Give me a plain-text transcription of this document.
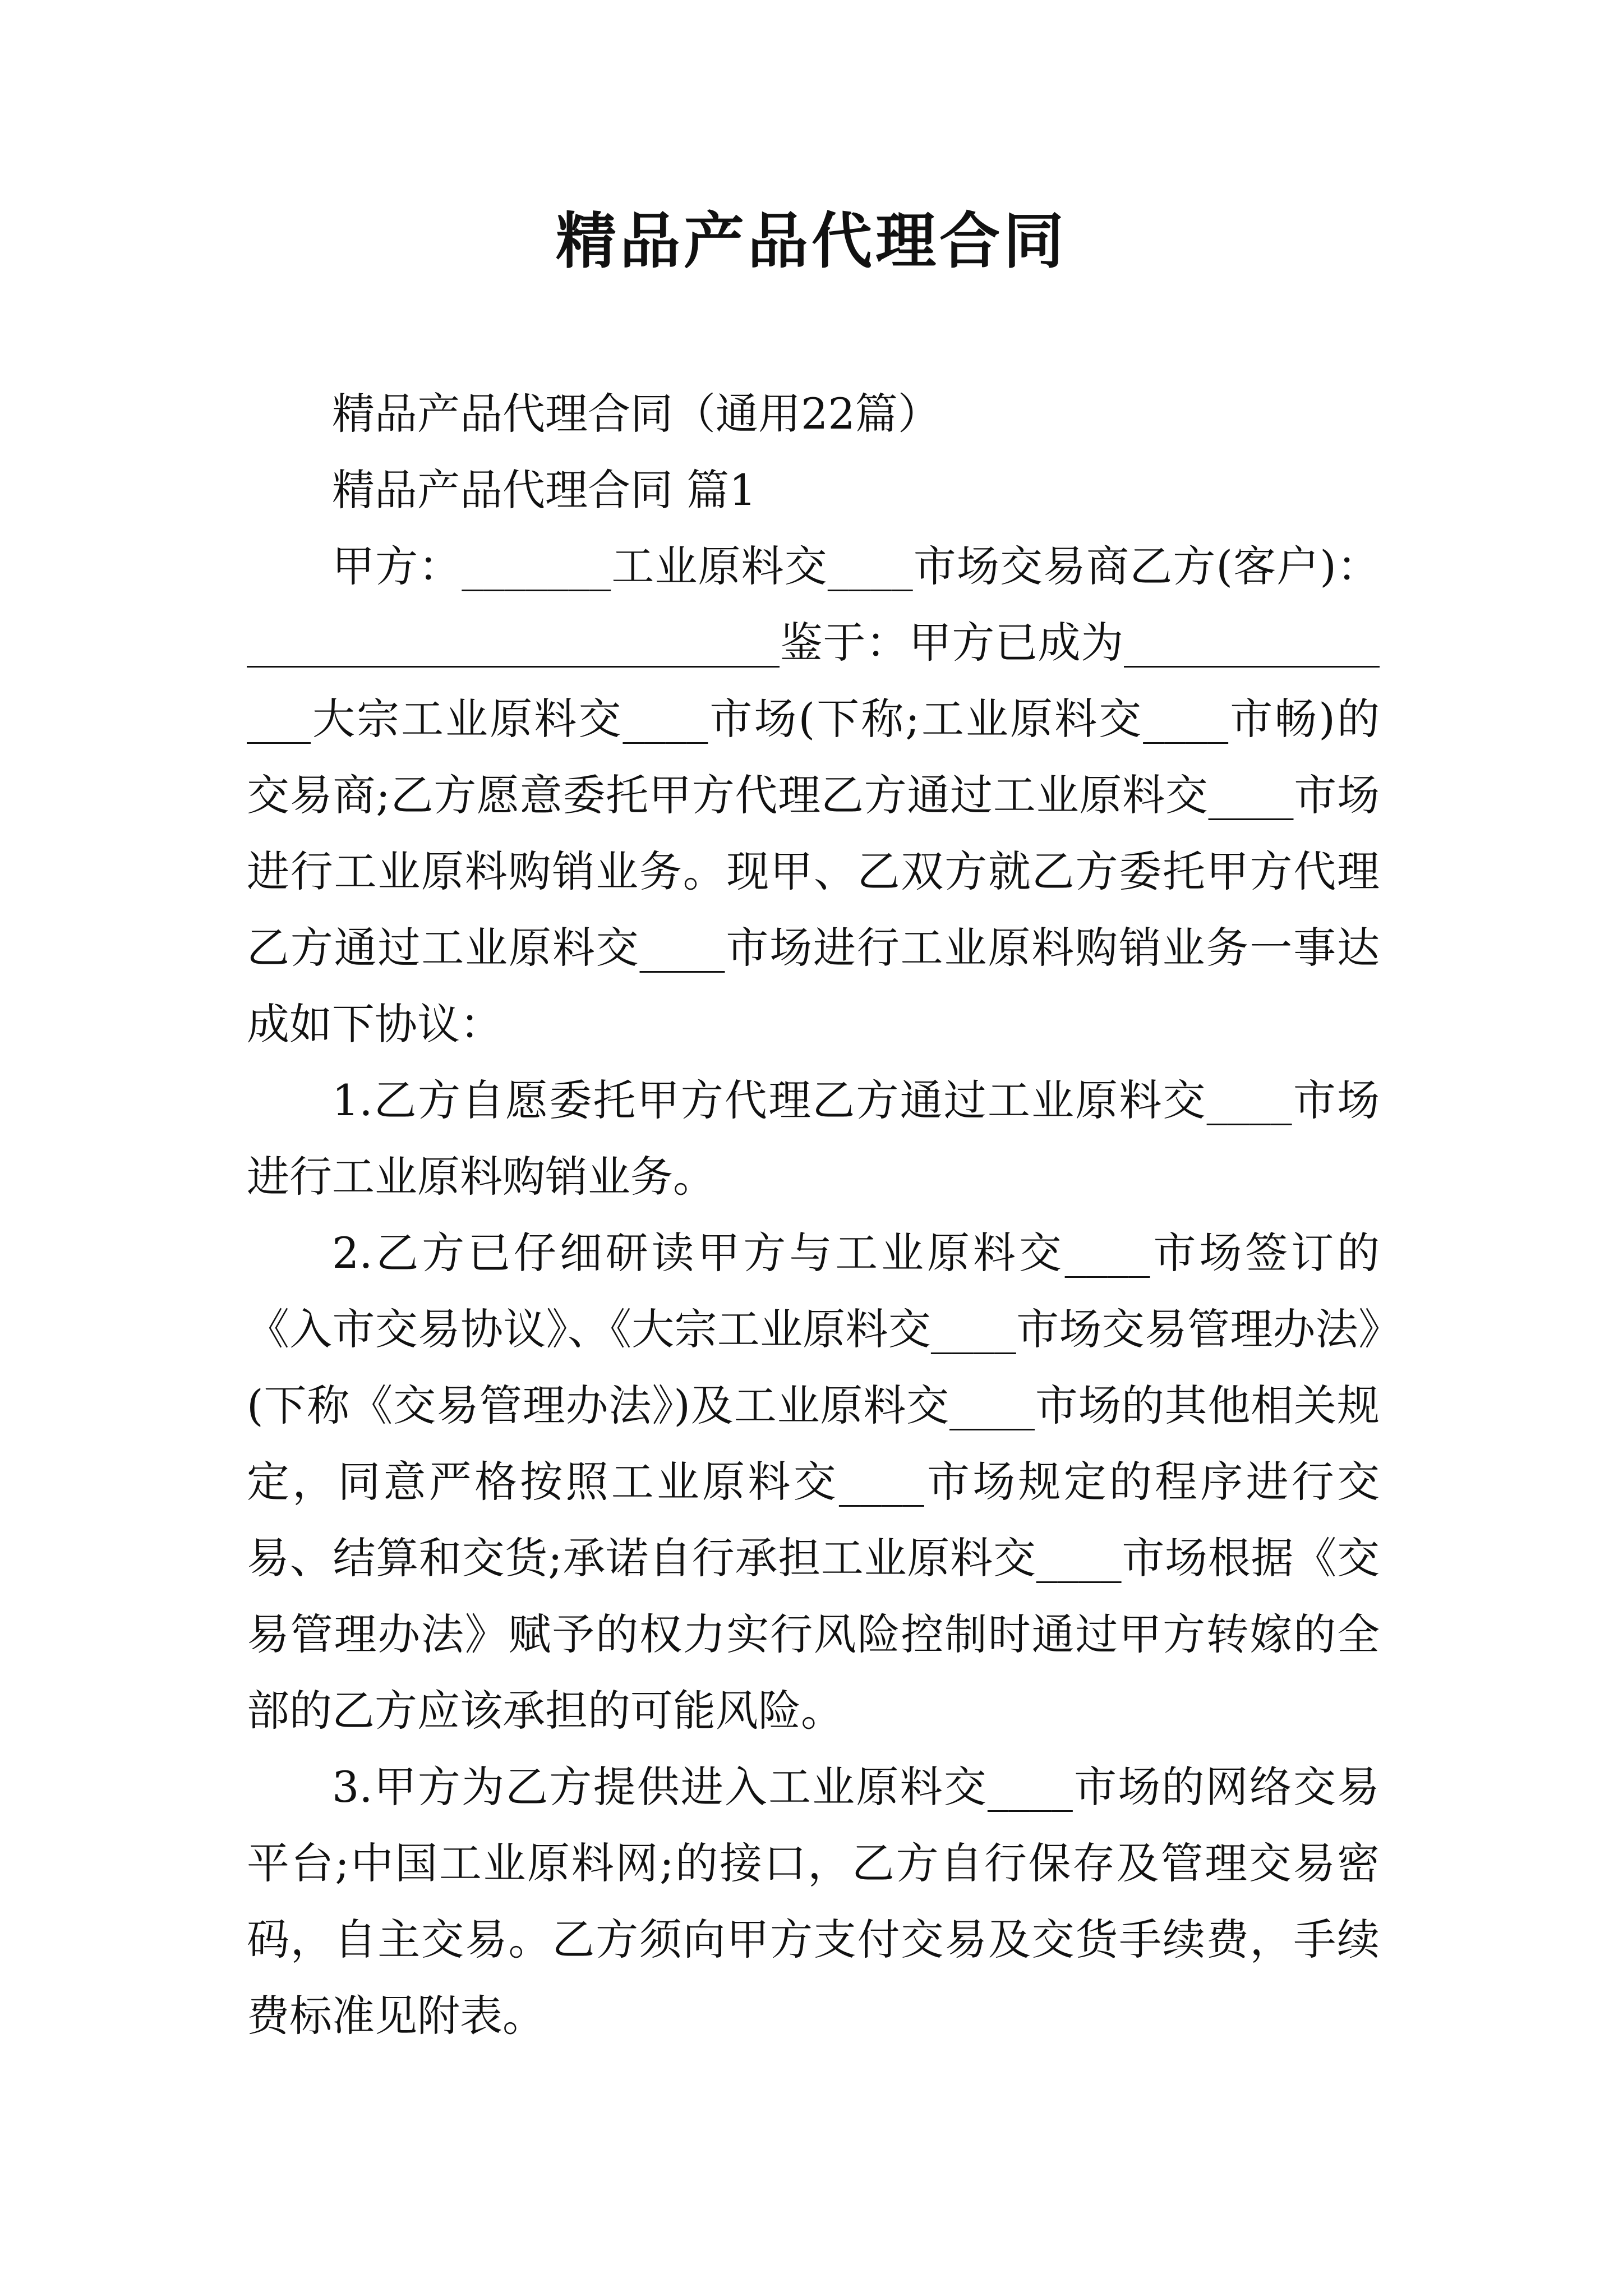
精品产品代理合同

精品产品代理合同（通用22篇）

精品产品代理合同 篇1

甲方：_______工业原料交____市场交易商乙方(客户)：_________________________鉴于：甲方已成为_______________大宗工业原料交____市场(下称;工业原料交____市畅)的交易商;乙方愿意委托甲方代理乙方通过工业原料交____市场进行工业原料购销业务。现甲、乙双方就乙方委托甲方代理乙方通过工业原料交____市场进行工业原料购销业务一事达成如下协议：

1.乙方自愿委托甲方代理乙方通过工业原料交____市场进行工业原料购销业务。

2.乙方已仔细研读甲方与工业原料交____市场签订的《入市交易协议》、《大宗工业原料交____市场交易管理办法》(下称《交易管理办法》)及工业原料交____市场的其他相关规定，同意严格按照工业原料交____市场规定的程序进行交易、结算和交货;承诺自行承担工业原料交____市场根据《交易管理办法》赋予的权力实行风险控制时通过甲方转嫁的全部的乙方应该承担的可能风险。

3.甲方为乙方提供进入工业原料交____市场的网络交易平台;中国工业原料网;的接口，乙方自行保存及管理交易密码，自主交易。乙方须向甲方支付交易及交货手续费，手续费标准见附表。
